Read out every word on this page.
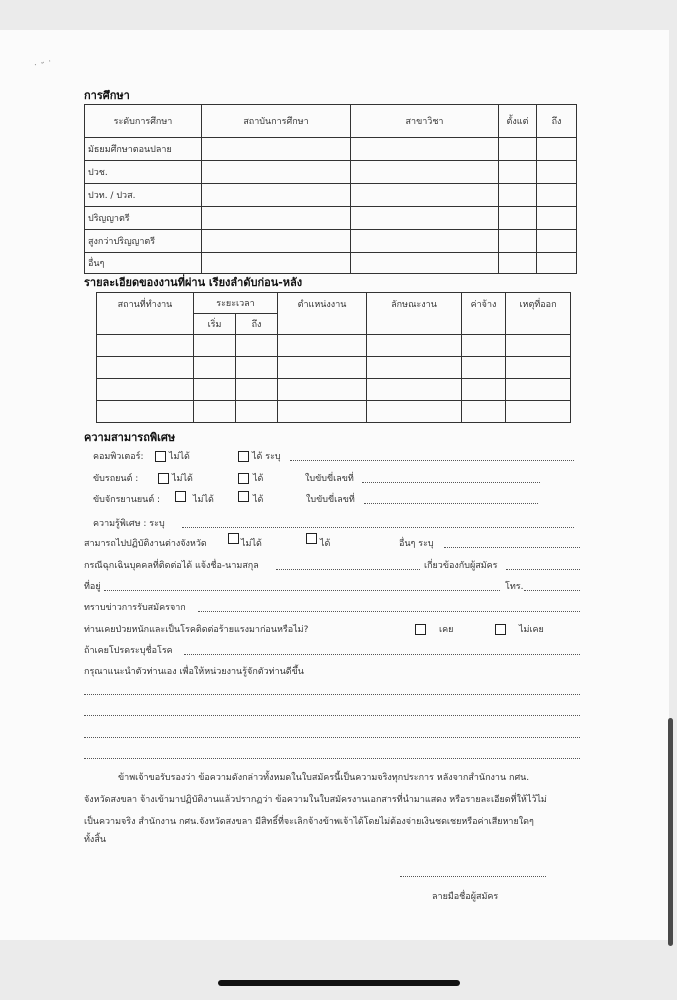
˙ ˘ ˙
การศึกษา
ระดับการศึกษา	สถาบันการศึกษา	สาขาวิชา	ตั้งแต่	ถึง
มัธยมศึกษาตอนปลาย				
ปวช.				
ปวท. / ปวส.				
ปริญญาตรี				
สูงกว่าปริญญาตรี				
อื่นๆ				
รายละเอียดของงานที่ผ่าน เรียงลำดับก่อน-หลัง
สถานที่ทำงาน	ระยะเวลา		ตำแหน่งงาน	ลักษณะงาน	ค่าจ้าง	เหตุที่ออก
	เริ่ม	ถึง				

ความสามารถพิเศษ
คอมพิวเตอร์:	ไม่ได้	ได้ ระบุ
ขับรถยนต์ :	ไม่ได้	ได้	ใบขับขี่เลขที่
ขับจักรยานยนต์ :	ไม่ได้	ได้	ใบขับขี่เลขที่
ความรู้พิเศษ : ระบุ
สามารถไปปฏิบัติงานต่างจังหวัด	ไม่ได้	ได้	อื่นๆ ระบุ
กรณีฉุกเฉินบุคคลที่ติดต่อได้ แจ้งชื่อ-นามสกุล	เกี่ยวข้องกับผู้สมัคร
ที่อยู่	โทร.
ทราบข่าวการรับสมัครจาก
ท่านเคยป่วยหนักและเป็นโรคติดต่อร้ายแรงมาก่อนหรือไม่?	เคย	ไม่เคย
ถ้าเคยโปรดระบุชื่อโรค
กรุณาแนะนำตัวท่านเอง เพื่อให้หน่วยงานรู้จักตัวท่านดีขึ้น
ข้าพเจ้าขอรับรองว่า ข้อความดังกล่าวทั้งหมดในใบสมัครนี้เป็นความจริงทุกประการ หลังจากสำนักงาน กศน.
จังหวัดสงขลา จ้างเข้ามาปฏิบัติงานแล้วปรากฏว่า ข้อความในใบสมัครงานเอกสารที่นำมาแสดง หรือรายละเอียดที่ให้ไว้ไม่
เป็นความจริง สำนักงาน กศน.จังหวัดสงขลา มีสิทธิ์ที่จะเลิกจ้างข้าพเจ้าได้โดยไม่ต้องจ่ายเงินชดเชยหรือค่าเสียหายใดๆ
ทั้งสิ้น
ลายมือชื่อผู้สมัคร
